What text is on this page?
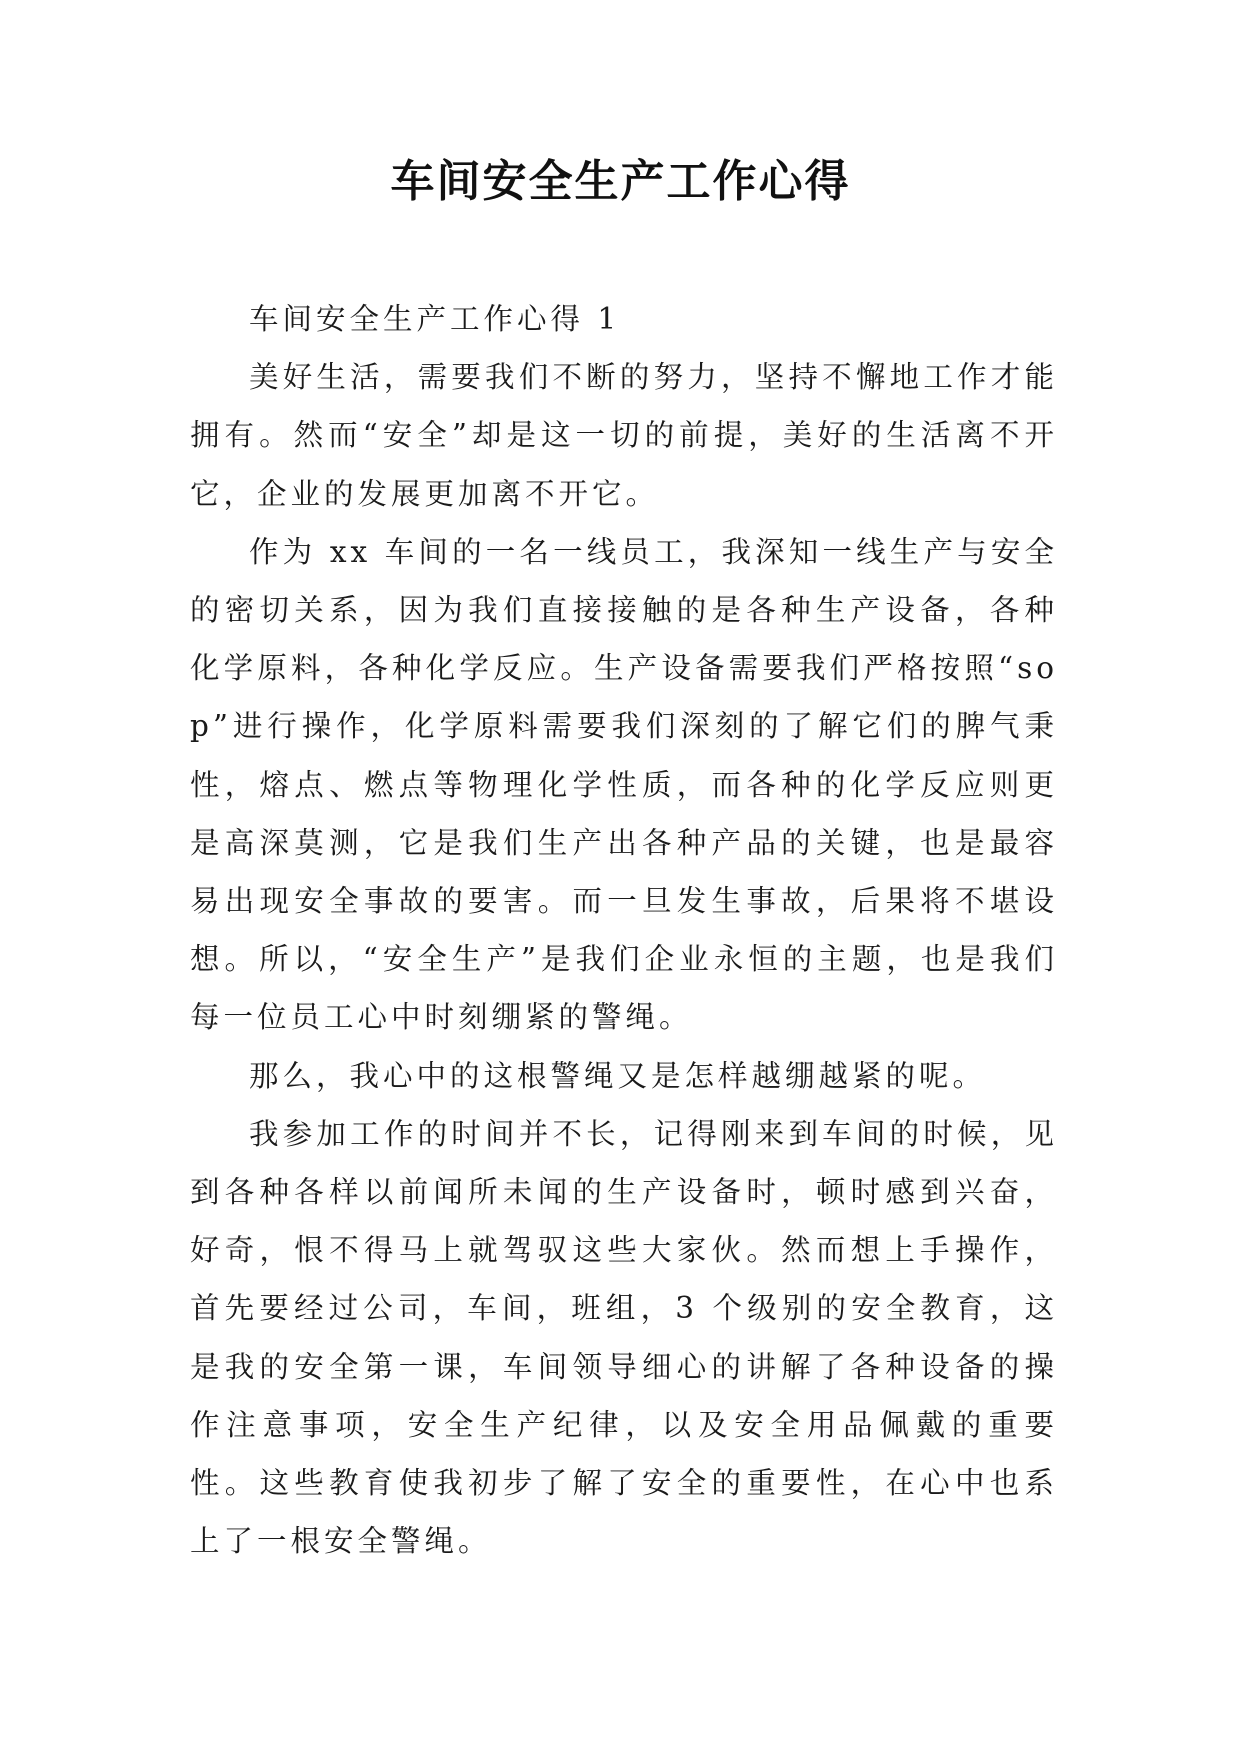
车间安全生产工作心得

车间安全生产工作心得 1

美好生活，需要我们不断的努力，坚持不懈地工作才能拥有。然而“安全”却是这一切的前提，美好的生活离不开它，企业的发展更加离不开它。

作为 xx 车间的一名一线员工，我深知一线生产与安全的密切关系，因为我们直接接触的是各种生产设备，各种化学原料，各种化学反应。生产设备需要我们严格按照“sop”进行操作，化学原料需要我们深刻的了解它们的脾气秉性，熔点、燃点等物理化学性质，而各种的化学反应则更是高深莫测，它是我们生产出各种产品的关键，也是最容易出现安全事故的要害。而一旦发生事故，后果将不堪设想。所以，“安全生产”是我们企业永恒的主题，也是我们每一位员工心中时刻绷紧的警绳。

那么，我心中的这根警绳又是怎样越绷越紧的呢。

我参加工作的时间并不长，记得刚来到车间的时候，见到各种各样以前闻所未闻的生产设备时，顿时感到兴奋，好奇，恨不得马上就驾驭这些大家伙。然而想上手操作，首先要经过公司，车间，班组，3 个级别的安全教育，这是我的安全第一课，车间领导细心的讲解了各种设备的操作注意事项，安全生产纪律，以及安全用品佩戴的重要性。这些教育使我初步了解了安全的重要性，在心中也系上了一根安全警绳。
